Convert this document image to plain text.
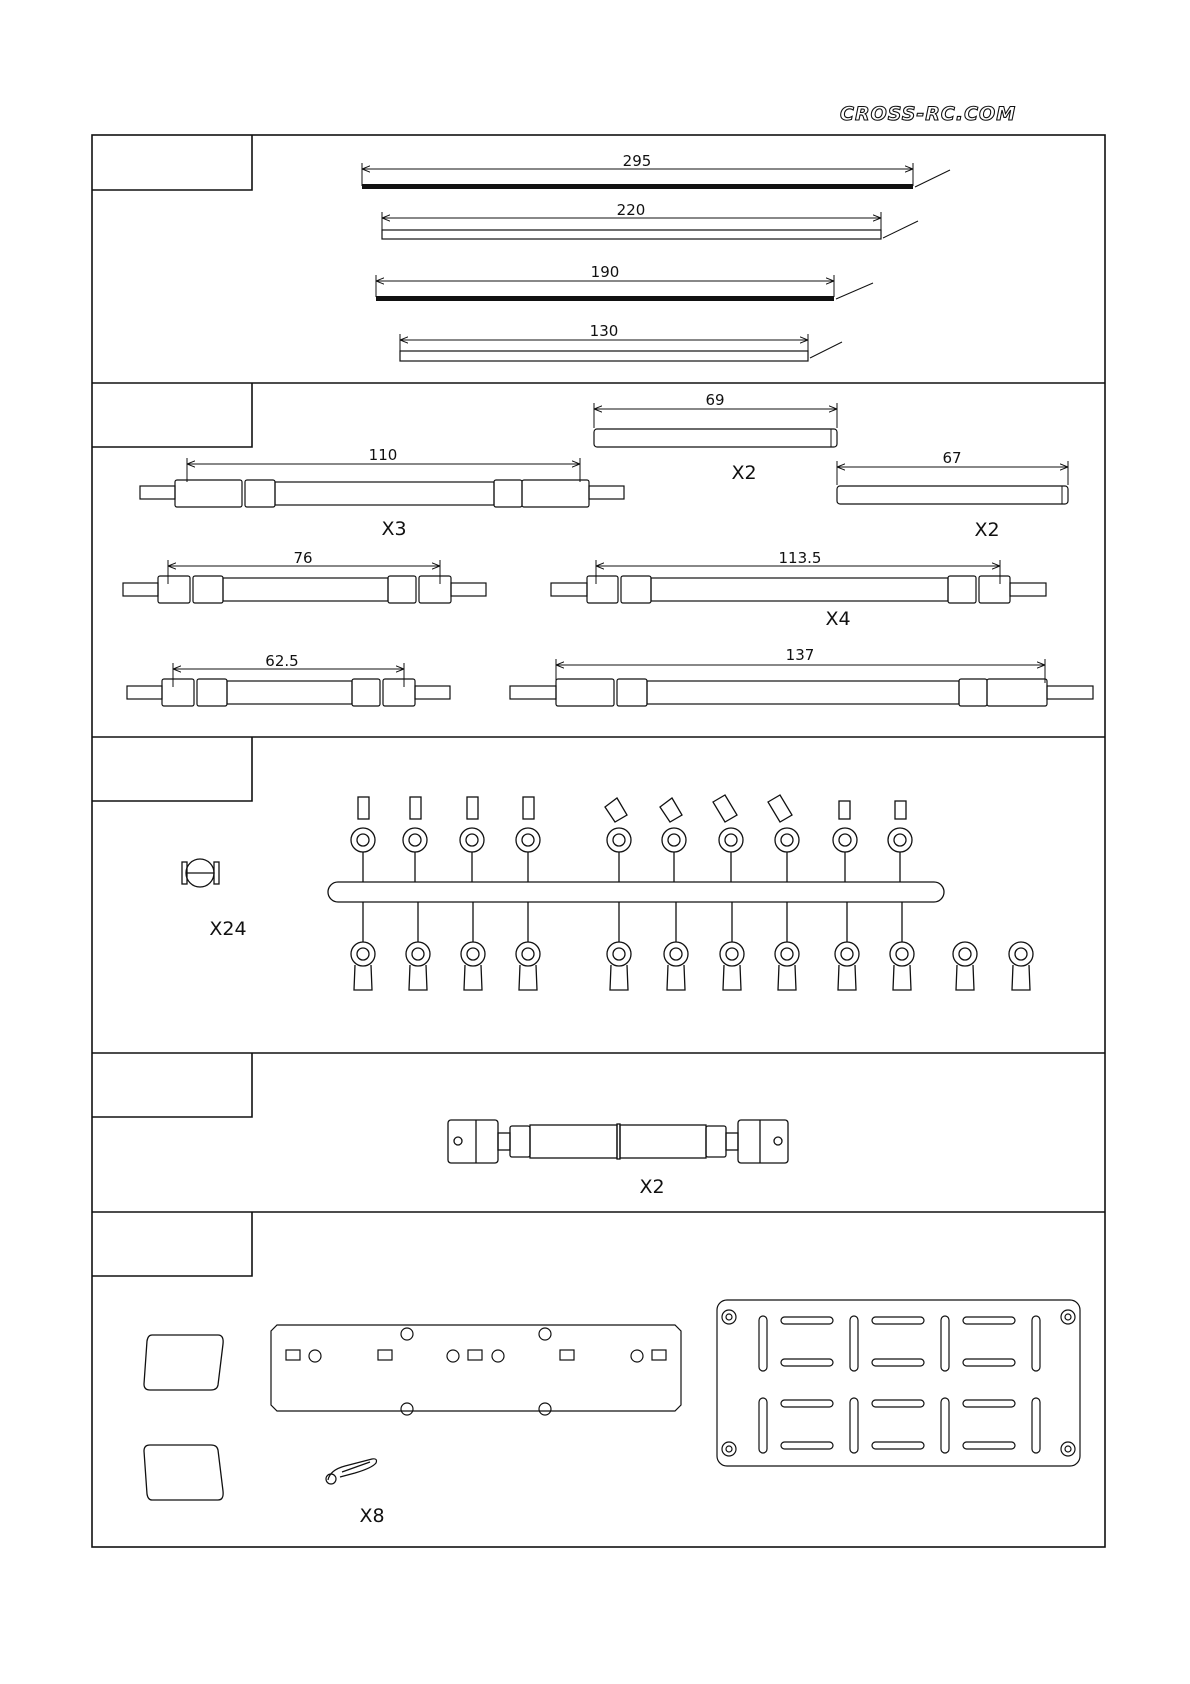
CROSS-RC.COM
295
220
190
130
69
X2
67
X2
110
X3
76	113.5
X4
62.5	137
X24
X2
X8
